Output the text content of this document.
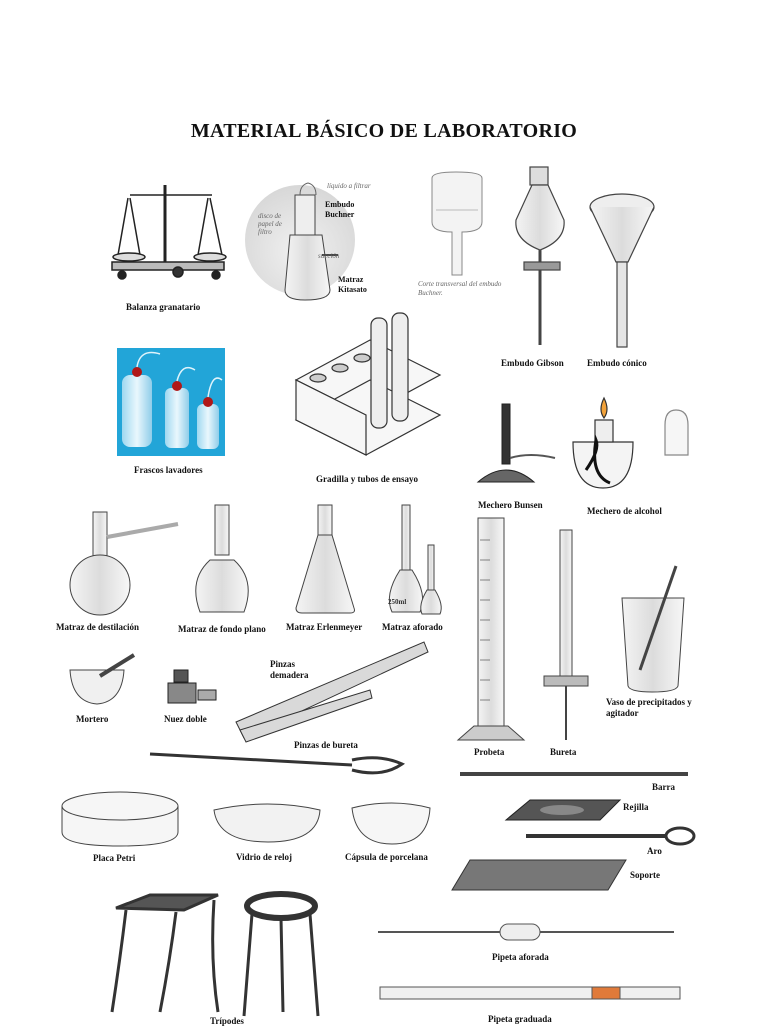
MATERIAL BÁSICO DE LABORATORIO
Balanza granatario
líquido a filtrar
disco de papel de filtro
succión
Embudo Buchner
Matraz Kitasato
Corte transversal del embudo Buchner.
Embudo Gibson	Embudo cónico
Frascos lavadores
Gradilla y tubos de ensayo
Mechero Bunsen
Mechero de alcohol
Matraz de destilación	Matraz de fondo plano Matraz Erlenmeyer Matraz aforado
250ml
Mortero	Nuez doble
Pinzas demadera
Pinzas de bureta
Probeta	Bureta
Vaso de precipitados y agitador
Barra
Rejilla
Aro
Soporte
Placa Petri	Vidrio de reloj	Cápsula de porcelana
Pipeta aforada
Pipeta graduada
Trípodes
